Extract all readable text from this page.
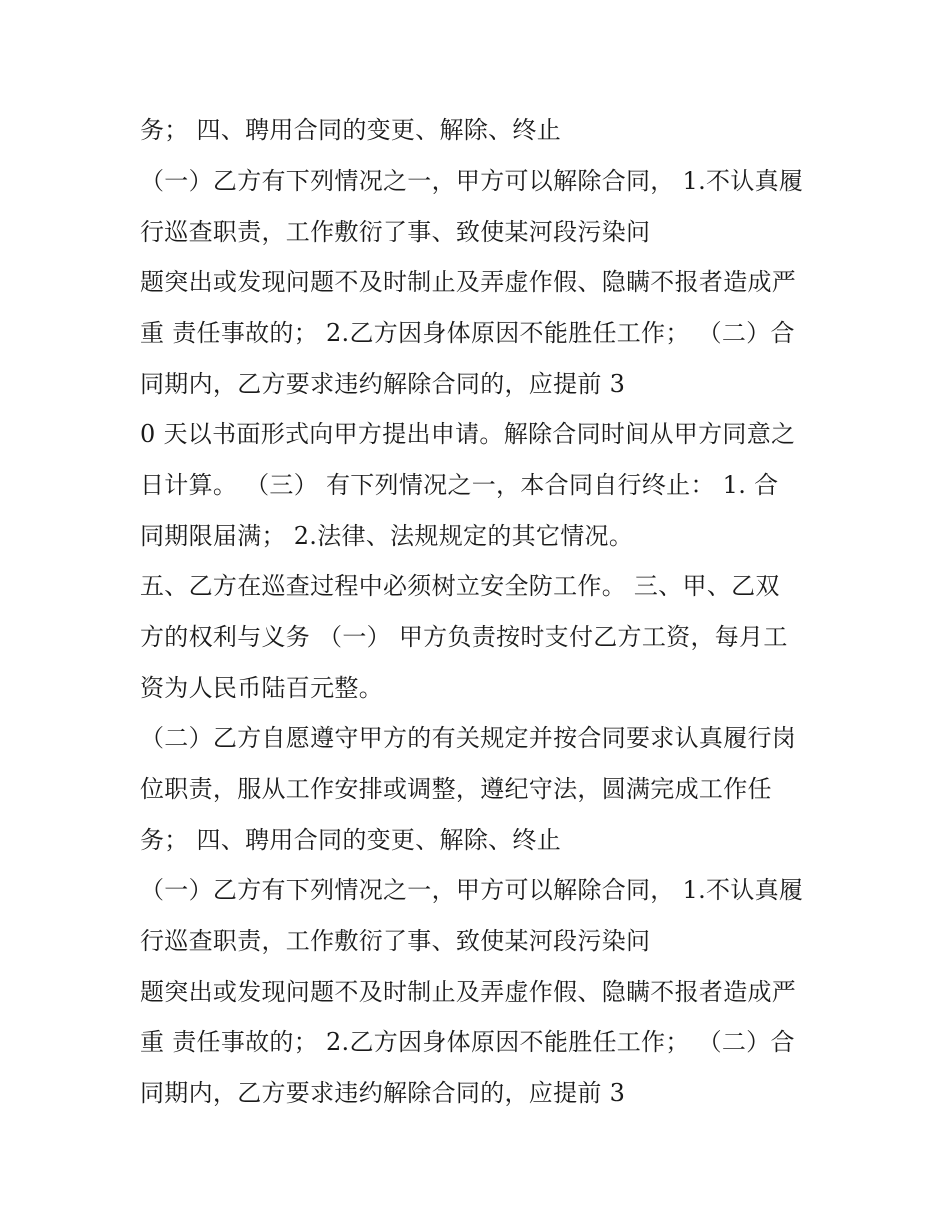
务； 四、聘用合同的变更、解除、终止
（一）乙方有下列情况之一，甲方可以解除合同， 1.不认真履
行巡查职责，工作敷衍了事、致使某河段污染问
题突出或发现问题不及时制止及弄虚作假、隐瞒不报者造成严
重 责任事故的； 2.乙方因身体原因不能胜任工作； （二）合
同期内，乙方要求违约解除合同的，应提前 3
0 天以书面形式向甲方提出申请。解除合同时间从甲方同意之
日计算。 （三） 有下列情况之一，本合同自行终止： 1. 合
同期限届满； 2.法律、法规规定的其它情况。
五、乙方在巡查过程中必须树立安全防工作。 三、甲、乙双
方的权利与义务 （一） 甲方负责按时支付乙方工资，每月工
资为人民币陆百元整。
（二）乙方自愿遵守甲方的有关规定并按合同要求认真履行岗
位职责，服从工作安排或调整，遵纪守法，圆满完成工作任
务； 四、聘用合同的变更、解除、终止
（一）乙方有下列情况之一，甲方可以解除合同， 1.不认真履
行巡查职责，工作敷衍了事、致使某河段污染问
题突出或发现问题不及时制止及弄虚作假、隐瞒不报者造成严
重 责任事故的； 2.乙方因身体原因不能胜任工作； （二）合
同期内，乙方要求违约解除合同的，应提前 3
